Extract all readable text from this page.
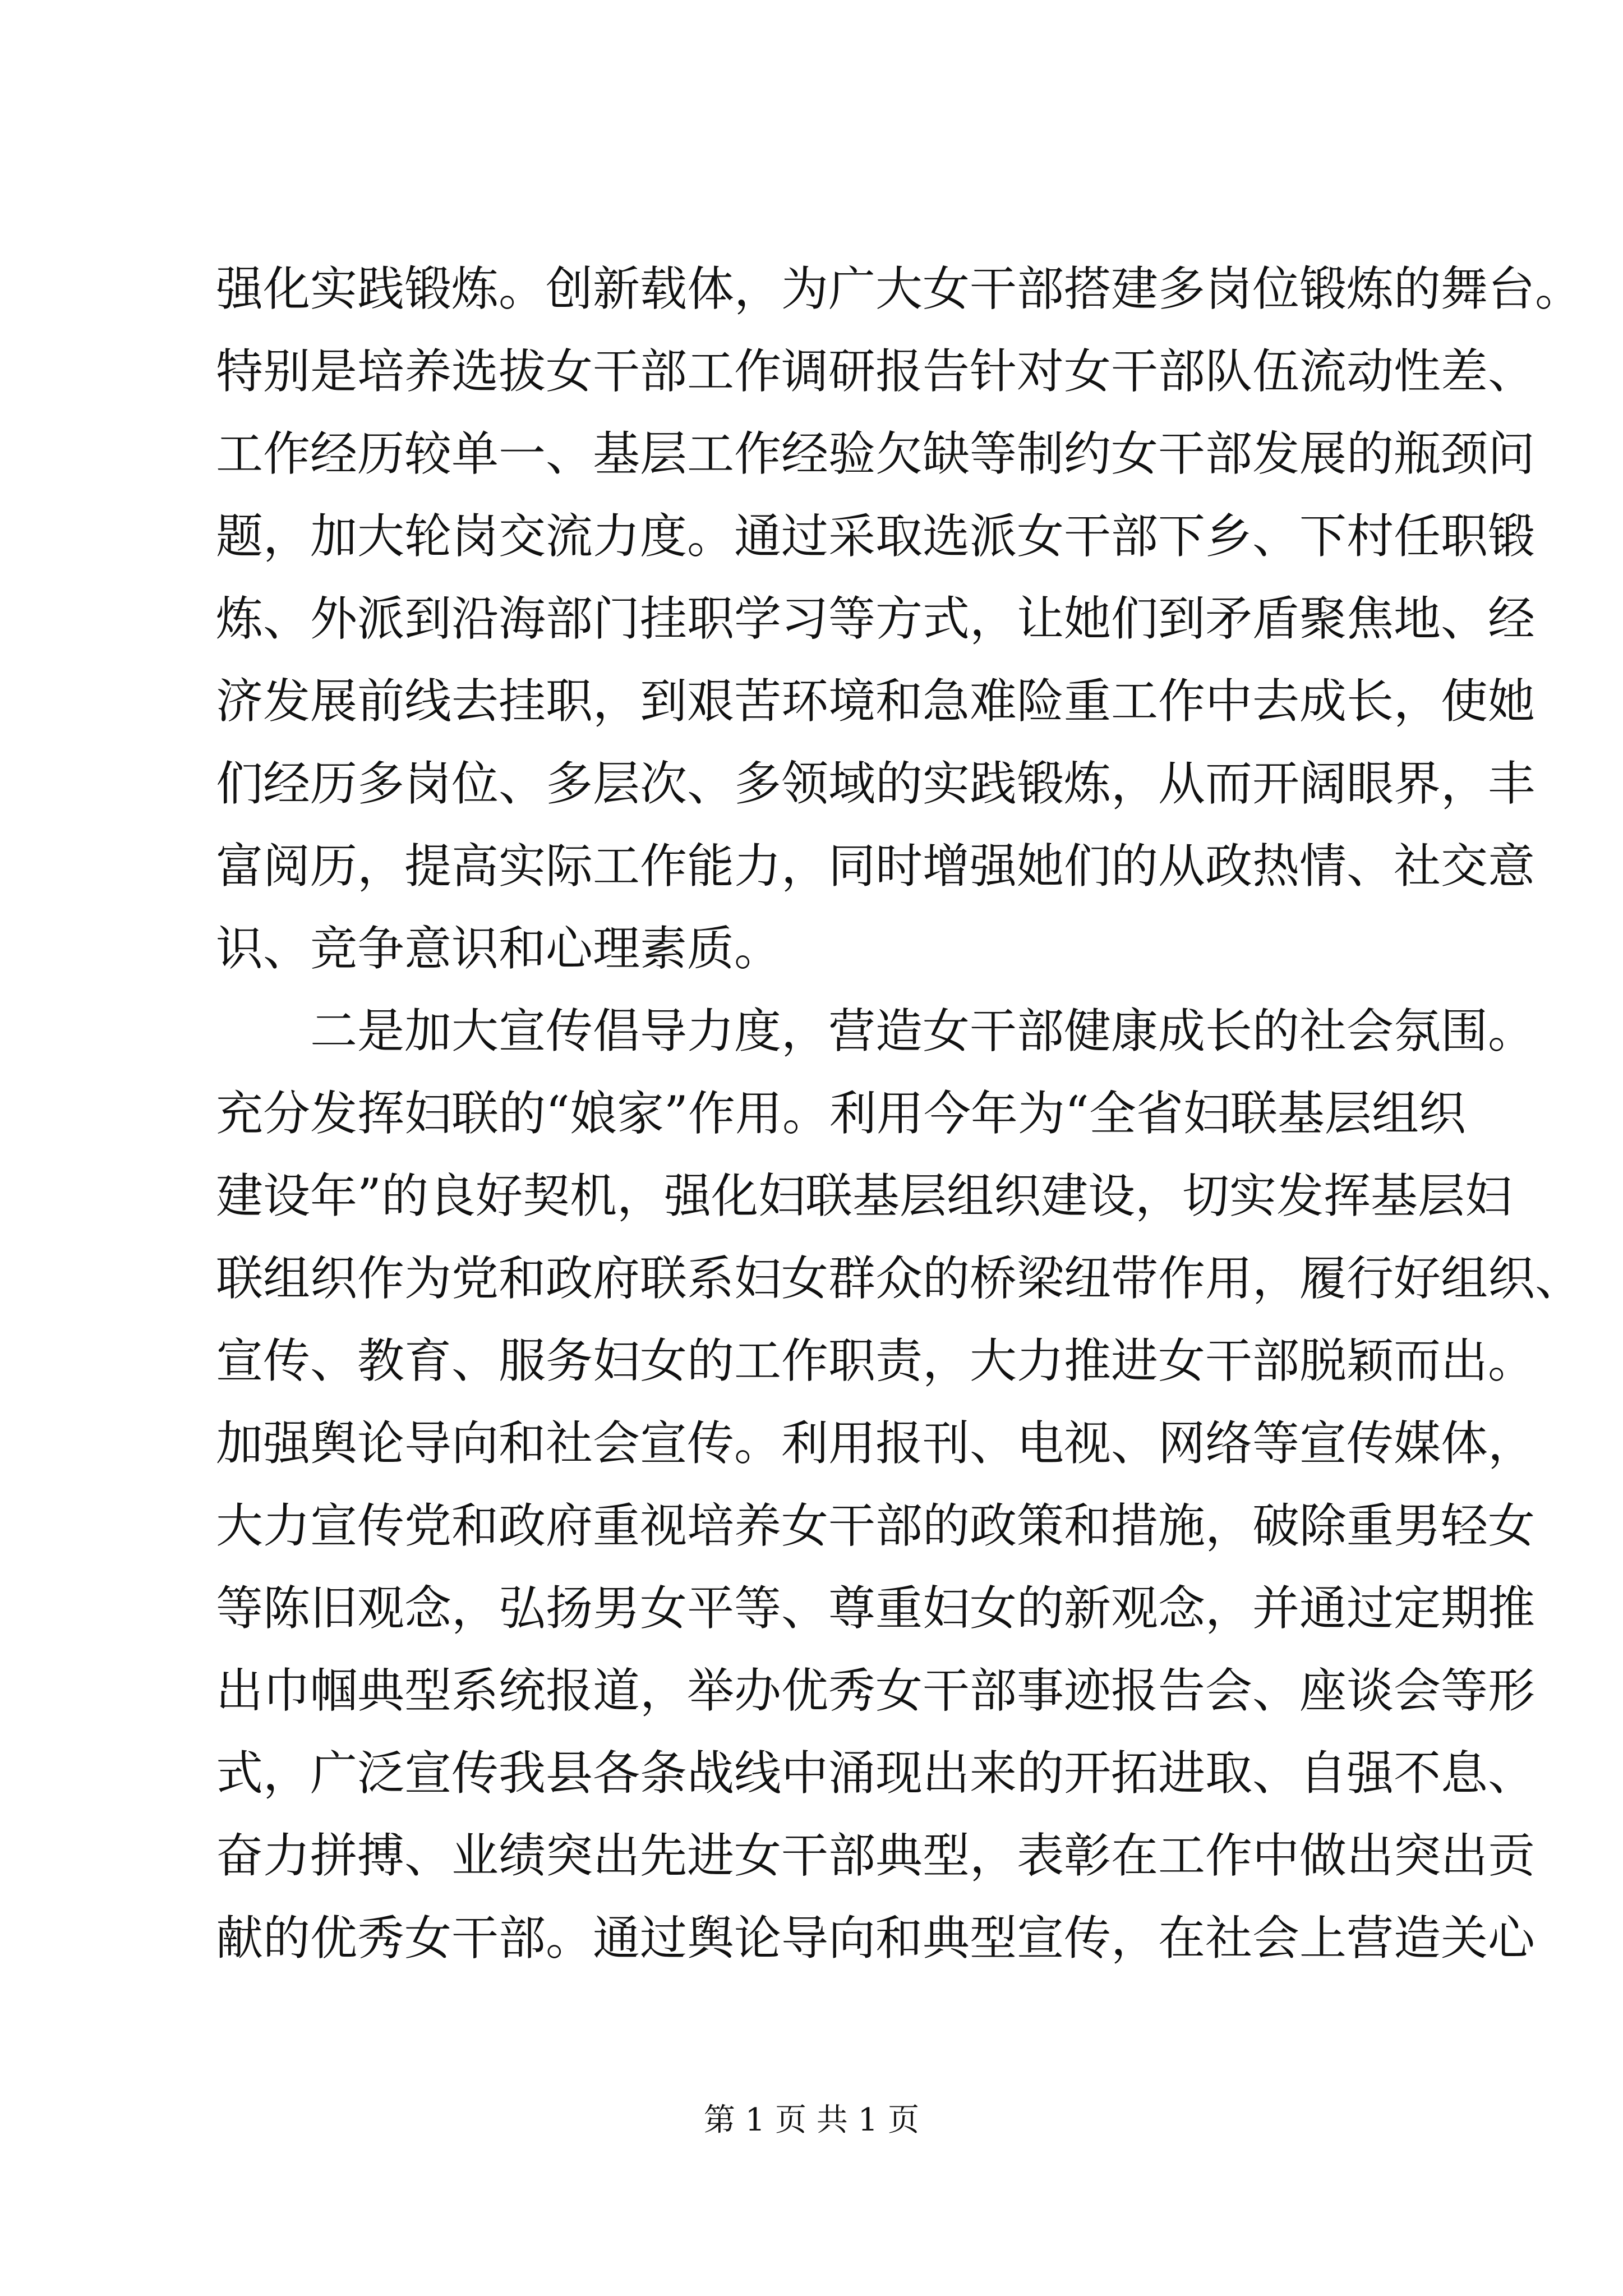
强化实践锻炼。创新载体，为广大女干部搭建多岗位锻炼的舞台。
特别是培养选拔女干部工作调研报告针对女干部队伍流动性差、
工作经历较单一、基层工作经验欠缺等制约女干部发展的瓶颈问
题，加大轮岗交流力度。通过采取选派女干部下乡、下村任职锻
炼、外派到沿海部门挂职学习等方式，让她们到矛盾聚焦地、经
济发展前线去挂职，到艰苦环境和急难险重工作中去成长，使她
们经历多岗位、多层次、多领域的实践锻炼，从而开阔眼界，丰
富阅历，提高实际工作能力，同时增强她们的从政热情、社交意
识、竞争意识和心理素质。
二是加大宣传倡导力度，营造女干部健康成长的社会氛围。
充分发挥妇联的“娘家”作用。利用今年为“全省妇联基层组织
建设年”的良好契机，强化妇联基层组织建设，切实发挥基层妇
联组织作为党和政府联系妇女群众的桥梁纽带作用，履行好组织、
宣传、教育、服务妇女的工作职责，大力推进女干部脱颖而出。
加强舆论导向和社会宣传。利用报刊、电视、网络等宣传媒体，
大力宣传党和政府重视培养女干部的政策和措施，破除重男轻女
等陈旧观念，弘扬男女平等、尊重妇女的新观念，并通过定期推
出巾帼典型系统报道，举办优秀女干部事迹报告会、座谈会等形
式，广泛宣传我县各条战线中涌现出来的开拓进取、自强不息、
奋力拼搏、业绩突出先进女干部典型，表彰在工作中做出突出贡
献的优秀女干部。通过舆论导向和典型宣传，在社会上营造关心
第 1 页 共 1 页
